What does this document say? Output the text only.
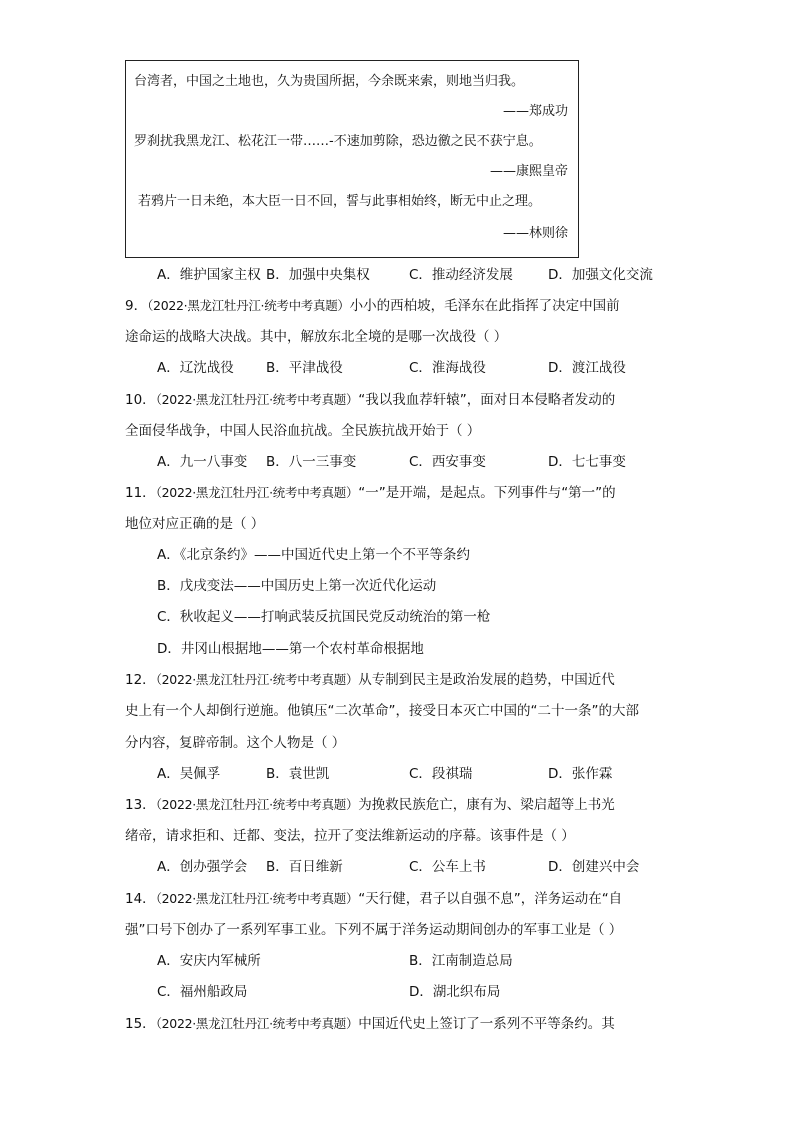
台湾者，中国之土地也，久为贵国所据，今余既来索，则地当归我。
——郑成功
罗刹扰我黑龙江、松花江一带……-不速加剪除，恐边徼之民不获宁息。
——康熙皇帝
若鸦片一日未绝，本大臣一日不回，誓与此事相始终，断无中止之理。
——林则徐
A．维护国家主权 B．加强中央集权	C．推动经济发展	D．加强文化交流
9．（2022·黑龙江牡丹江·统考中考真题）小小的西柏坡，毛泽东在此指挥了决定中国前
途命运的战略大决战。其中，解放东北全境的是哪一次战役（ ）
A．辽沈战役 B．平津战役	C．淮海战役	D．渡江战役
10．（2022·黑龙江牡丹江·统考中考真题）“我以我血荐轩辕”，面对日本侵略者发动的
全面侵华战争，中国人民浴血抗战。全民族抗战开始于（ ）
A．九一八事变 B．八一三事变	C．西安事变	D．七七事变
11．（2022·黑龙江牡丹江·统考中考真题）“一”是开端，是起点。下列事件与“第一”的
地位对应正确的是（ ）
A．《北京条约》——中国近代史上第一个不平等条约
B．戊戌变法——中国历史上第一次近代化运动
C．秋收起义——打响武装反抗国民党反动统治的第一枪
D．井冈山根据地——第一个农村革命根据地
12．（2022·黑龙江牡丹江·统考中考真题）从专制到民主是政治发展的趋势，中国近代
史上有一个人却倒行逆施。他镇压“二次革命”，接受日本灭亡中国的“二十一条”的大部
分内容，复辟帝制。这个人物是（ ）
A．吴佩孚	B．袁世凯	C．段祺瑞	D．张作霖
13．（2022·黑龙江牡丹江·统考中考真题）为挽救民族危亡，康有为、梁启超等上书光
绪帝，请求拒和、迁都、变法，拉开了变法维新运动的序幕。该事件是（ ）
A．创办强学会 B．百日维新	C．公车上书	D．创建兴中会
14．（2022·黑龙江牡丹江·统考中考真题）“天行健，君子以自强不息”，洋务运动在“自
强”口号下创办了一系列军事工业。下列不属于洋务运动期间创办的军事工业是（ ）
A．安庆内军械所	B．江南制造总局
C．福州船政局	D．湖北织布局
15．（2022·黑龙江牡丹江·统考中考真题）中国近代史上签订了一系列不平等条约。其
